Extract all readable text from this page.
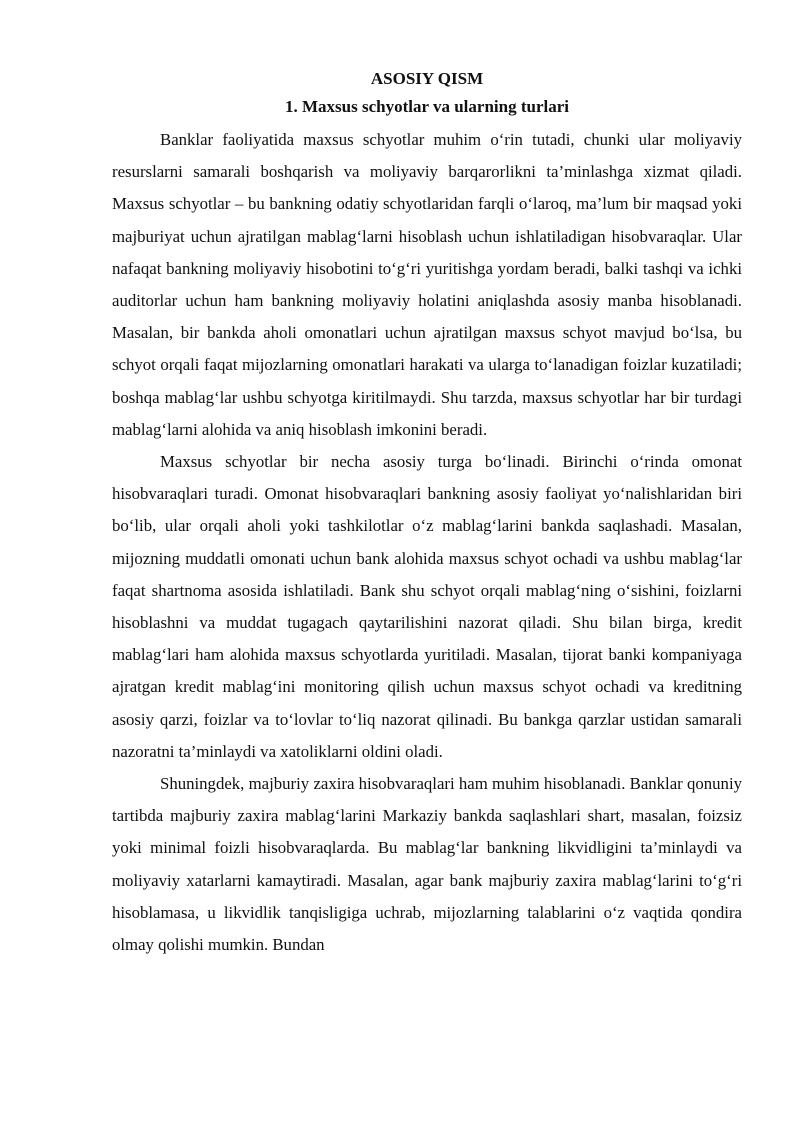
ASOSIY QISM
1. Maxsus schyotlar va ularning turlari

Banklar faoliyatida maxsus schyotlar muhim o‘rin tutadi, chunki ular moliyaviy resurslarni samarali boshqarish va moliyaviy barqarorlikni ta’minlashga xizmat qiladi. Maxsus schyotlar – bu bankning odatiy schyotlaridan farqli o‘laroq, ma’lum bir maqsad yoki majburiyat uchun ajratilgan mablag‘larni hisoblash uchun ishlatiladigan hisobvaraqlar. Ular nafaqat bankning moliyaviy hisobotini to‘g‘ri yuritishga yordam beradi, balki tashqi va ichki auditorlar uchun ham bankning moliyaviy holatini aniqlashda asosiy manba hisoblanadi. Masalan, bir bankda aholi omonatlari uchun ajratilgan maxsus schyot mavjud bo‘lsa, bu schyot orqali faqat mijozlarning omonatlari harakati va ularga to‘lanadigan foizlar kuzatiladi; boshqa mablag‘lar ushbu schyotga kiritilmaydi. Shu tarzda, maxsus schyotlar har bir turdagi mablag‘larni alohida va aniq hisoblash imkonini beradi.

Maxsus schyotlar bir necha asosiy turga bo‘linadi. Birinchi o‘rinda omonat hisobvaraqlari turadi. Omonat hisobvaraqlari bankning asosiy faoliyat yo‘nalishlaridan biri bo‘lib, ular orqali aholi yoki tashkilotlar o‘z mablag‘larini bankda saqlashadi. Masalan, mijozning muddatli omonati uchun bank alohida maxsus schyot ochadi va ushbu mablag‘lar faqat shartnoma asosida ishlatiladi. Bank shu schyot orqali mablag‘ning o‘sishini, foizlarni hisoblashni va muddat tugagach qaytarilishini nazorat qiladi. Shu bilan birga, kredit mablag‘lari ham alohida maxsus schyotlarda yuritiladi. Masalan, tijorat banki kompaniyaga ajratgan kredit mablag‘ini monitoring qilish uchun maxsus schyot ochadi va kreditning asosiy qarzi, foizlar va to‘lovlar to‘liq nazorat qilinadi. Bu bankga qarzlar ustidan samarali nazoratni ta’minlaydi va xatoliklarni oldini oladi.

Shuningdek, majburiy zaxira hisobvaraqlari ham muhim hisoblanadi. Banklar qonuniy tartibda majburiy zaxira mablag‘larini Markaziy bankda saqlashlari shart, masalan, foizsiz yoki minimal foizli hisobvaraqlarda. Bu mablag‘lar bankning likvidligini ta’minlaydi va moliyaviy xatarlarni kamaytiradi. Masalan, agar bank majburiy zaxira mablag‘larini to‘g‘ri hisoblamasa, u likvidlik tanqisligiga uchrab, mijozlarning talablarini o‘z vaqtida qondira olmay qolishi mumkin. Bundan
